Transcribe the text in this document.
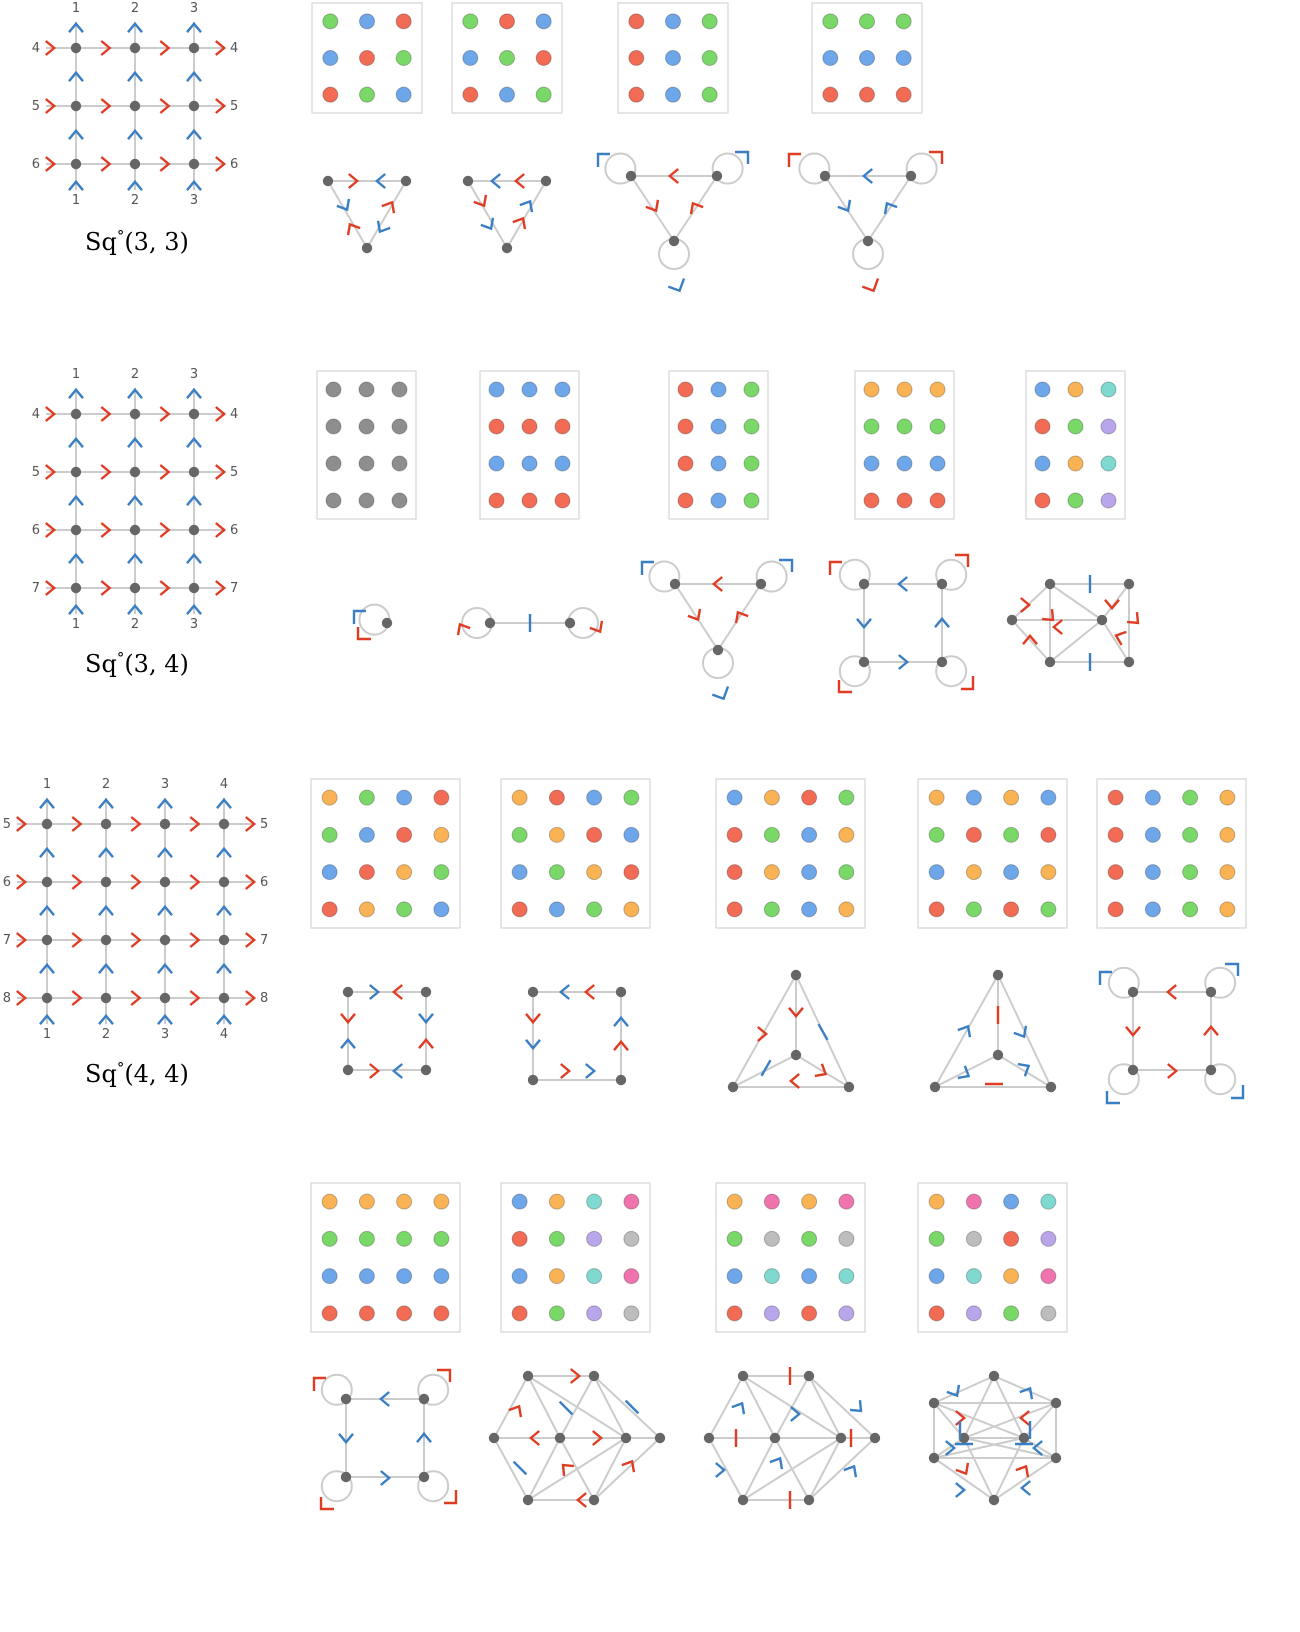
1	2	3
1	2	3
4
5
6
4
5
6
Sq°(3, 3)
1	2	3
1	2	3
4
5
6
7
4
5
6
7
Sq°(3, 4)
1	2	3	4
1	2	3	4
5
6
7
8
5
6
7
8
Sq°(4, 4)
